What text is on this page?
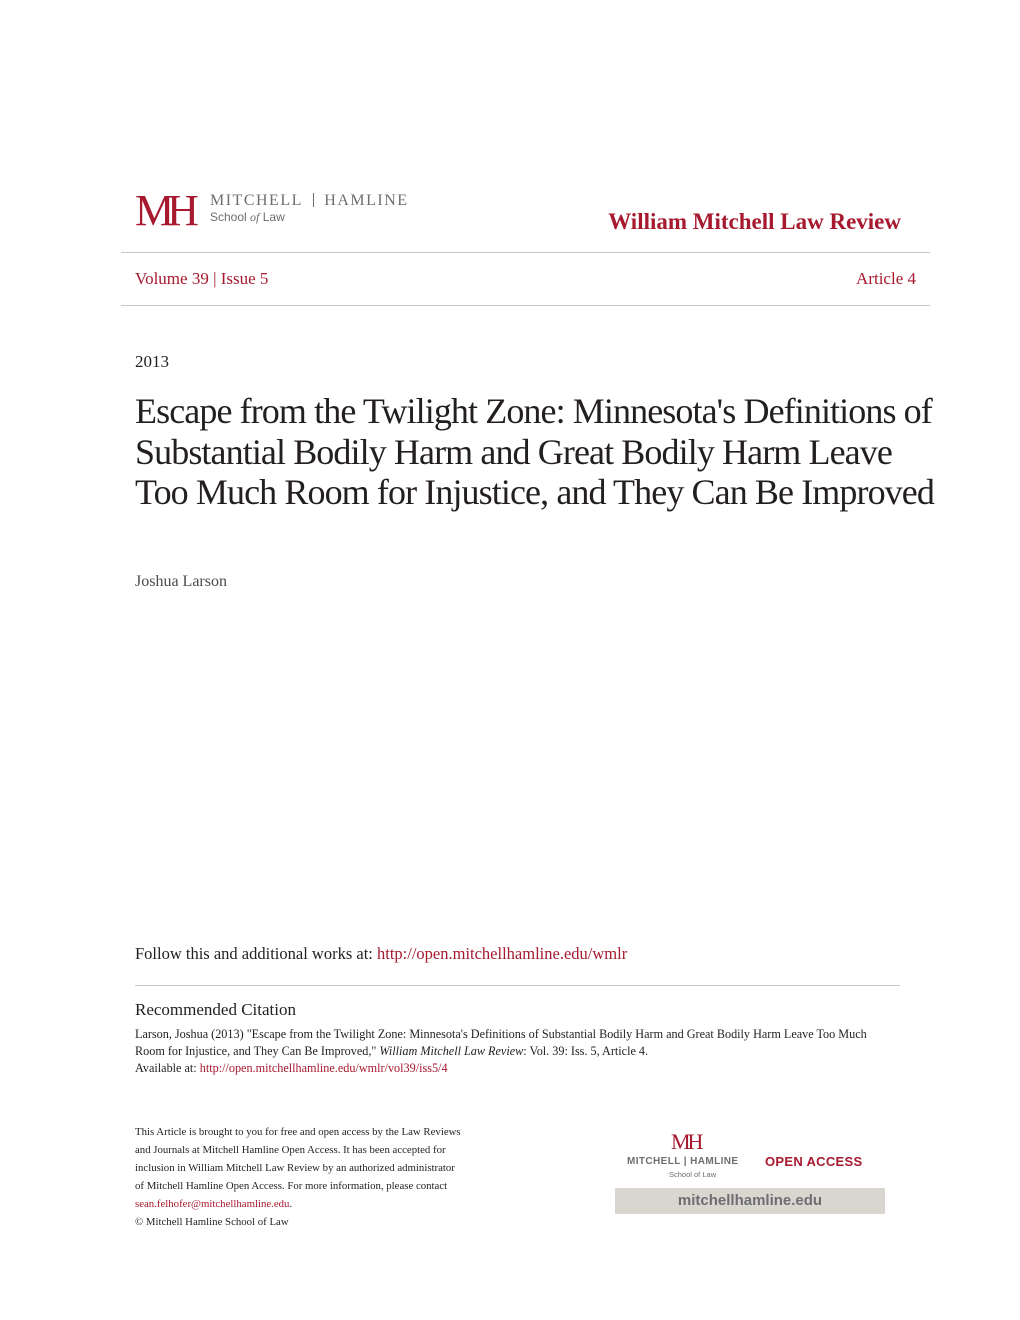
MH MITCHELL HAMLINE
School of Law	William Mitchell Law Review
Volume 39 | Issue 5	Article 4
2013
Escape from the Twilight Zone: Minnesota's Definitions of Substantial Bodily Harm and Great Bodily Harm Leave Too Much Room for Injustice, and They Can Be Improved
Joshua Larson
Follow this and additional works at: http://open.mitchellhamline.edu/wmlr
Recommended Citation
Larson, Joshua (2013) "Escape from the Twilight Zone: Minnesota's Definitions of Substantial Bodily Harm and Great Bodily Harm Leave Too Much Room for Injustice, and They Can Be Improved," William Mitchell Law Review: Vol. 39: Iss. 5, Article 4.
Available at: http://open.mitchellhamline.edu/wmlr/vol39/iss5/4
This Article is brought to you for free and open access by the Law Reviews
and Journals at Mitchell Hamline Open Access. It has been accepted for
inclusion in William Mitchell Law Review by an authorized administrator
of Mitchell Hamline Open Access. For more information, please contact
sean.felhofer@mitchellhamline.edu.
© Mitchell Hamline School of Law
MH
MITCHELL | HAMLINE
School of Law
OPEN ACCESS
mitchellhamline.edu
